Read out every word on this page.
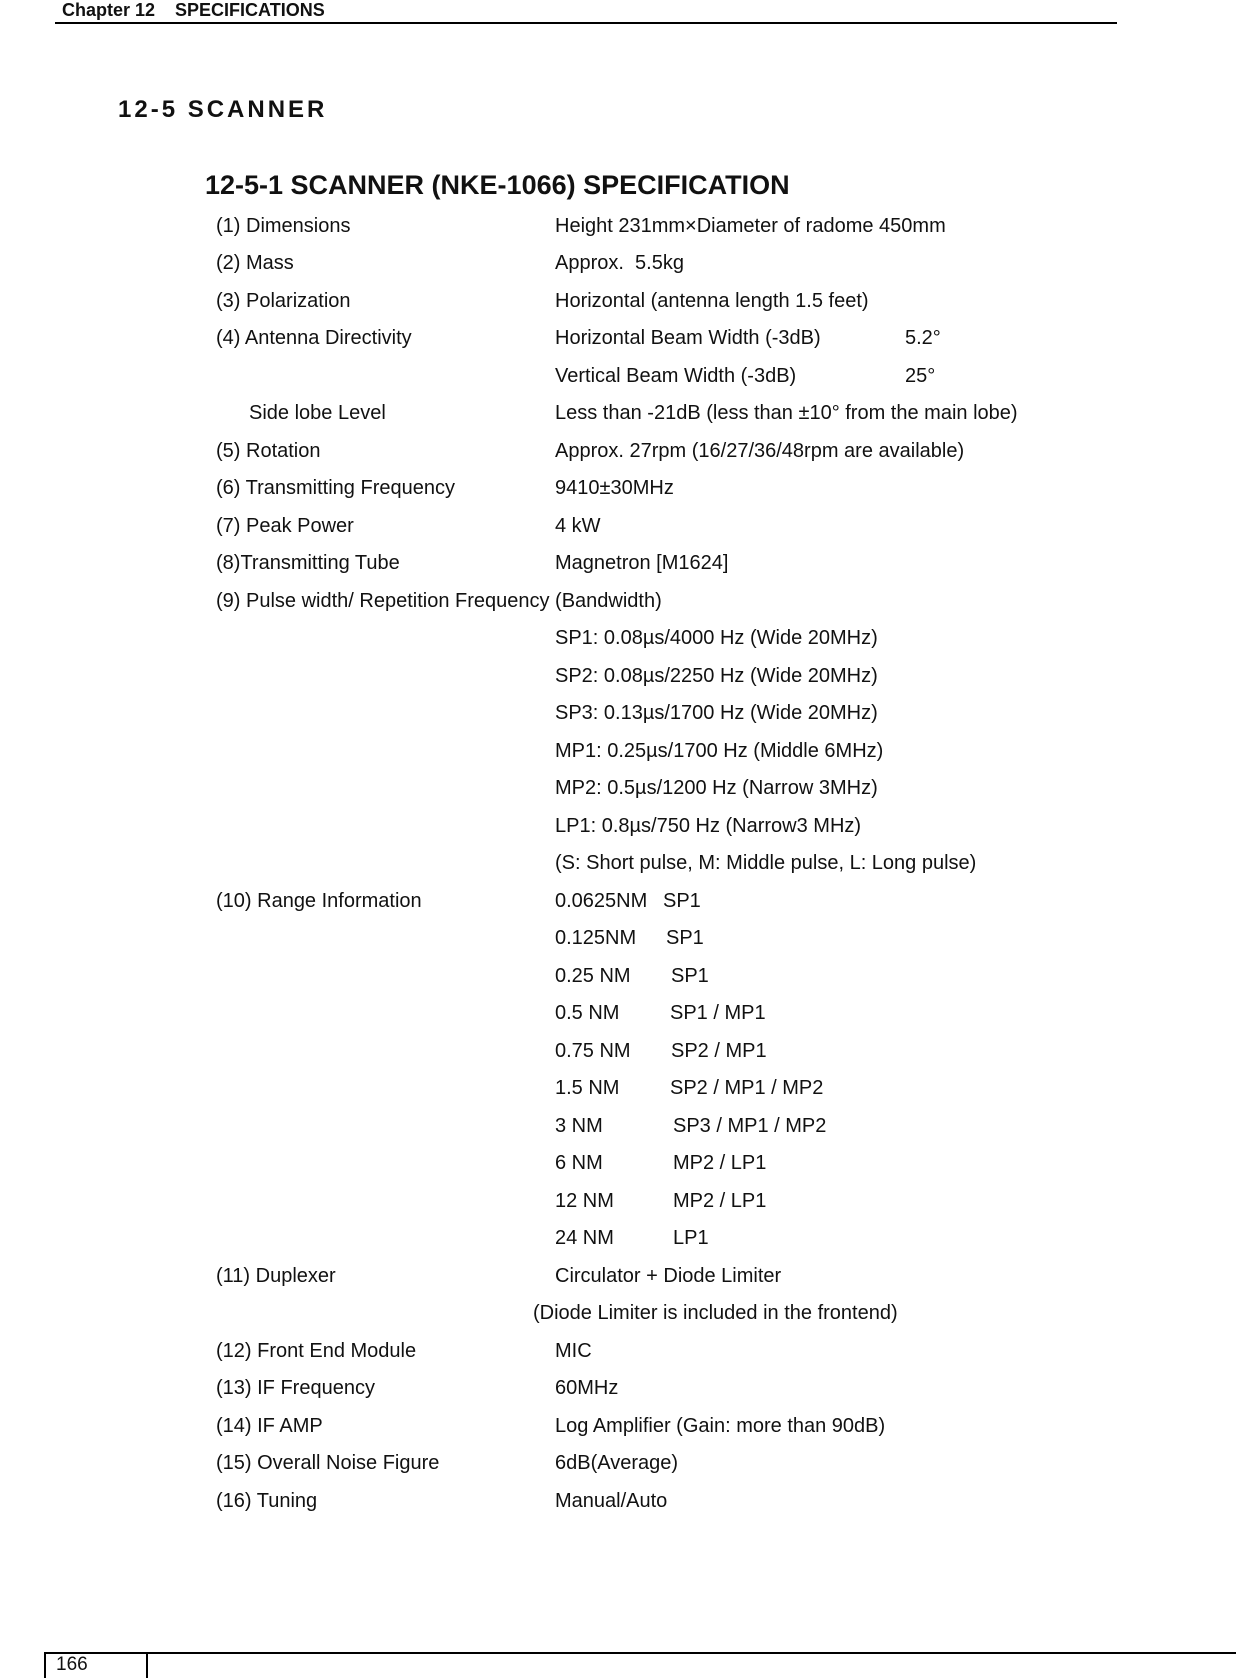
Chapter 12    SPECIFICATIONS
12-5 SCANNER
12-5-1 SCANNER (NKE-1066) SPECIFICATION
(1) Dimensions	Height 231mm×Diameter of radome 450mm
(2) Mass	Approx.  5.5kg
(3) Polarization	Horizontal (antenna length 1.5 feet)
(4) Antenna Directivity	Horizontal Beam Width (-3dB)	5.2°
Vertical Beam Width (-3dB)	25°
Side lobe Level	Less than -21dB (less than ±10° from the main lobe)
(5) Rotation	Approx. 27rpm (16/27/36/48rpm are available)
(6) Transmitting Frequency	9410±30MHz
(7) Peak Power	4 kW
(8)Transmitting Tube	Magnetron [M1624]
(9) Pulse width/ Repetition Frequency (Bandwidth)
SP1: 0.08µs/4000 Hz (Wide 20MHz)
SP2: 0.08µs/2250 Hz (Wide 20MHz)
SP3: 0.13µs/1700 Hz (Wide 20MHz)
MP1: 0.25µs/1700 Hz (Middle 6MHz)
MP2: 0.5µs/1200 Hz (Narrow 3MHz)
LP1: 0.8µs/750 Hz (Narrow3 MHz)
(S: Short pulse, M: Middle pulse, L: Long pulse)
(10) Range Information	0.0625NM SP1
0.125NM SP1
0.25 NM SP1
0.5 NM	SP1 / MP1
0.75 NM SP2 / MP1
1.5 NM	SP2 / MP1 / MP2
3 NM	SP3 / MP1 / MP2
6 NM	MP2 / LP1
12 NM	MP2 / LP1
24 NM	LP1
(11) Duplexer	Circulator + Diode Limiter
(Diode Limiter is included in the frontend)
(12) Front End Module	MIC
(13) IF Frequency	60MHz
(14) IF AMP	Log Amplifier (Gain: more than 90dB)
(15) Overall Noise Figure	6dB(Average)
(16) Tuning	Manual/Auto
166
